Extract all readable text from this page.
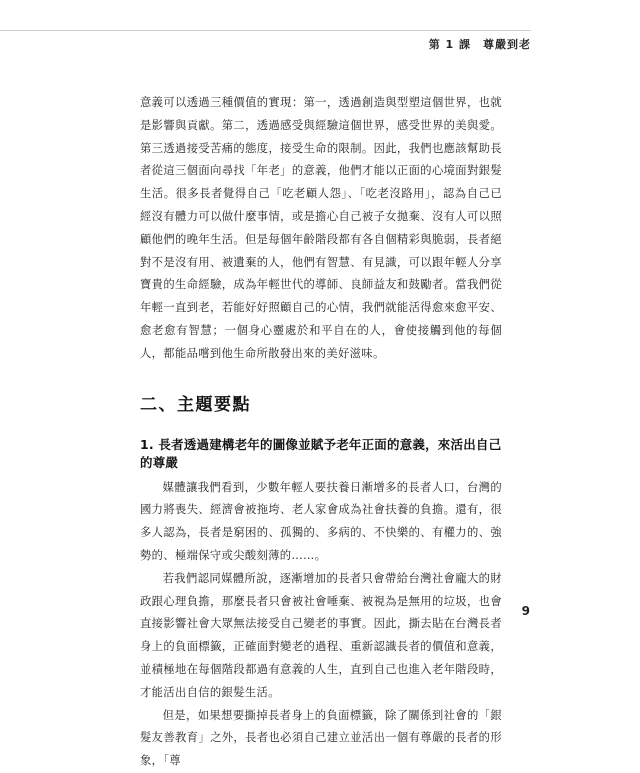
第 1 課　尊嚴到老

意義可以透過三種價值的實現：第一，透過創造與型塑這個世界，也就是影響與貢獻。第二，透過感受與經驗這個世界，感受世界的美與愛。第三透過接受苦痛的態度，接受生命的限制。因此，我們也應該幫助長者從這三個面向尋找「年老」的意義，他們才能以正面的心境面對銀髮生活。很多長者覺得自己「吃老顧人怨」、「吃老沒路用」，認為自己已經沒有體力可以做什麼事情，或是擔心自己被子女拋棄、沒有人可以照顧他們的晚年生活。但是每個年齡階段都有各自個精彩與脆弱，長者絕對不是沒有用、被遺棄的人，他們有智慧、有見識，可以跟年輕人分享寶貴的生命經驗，成為年輕世代的導師、良師益友和鼓勵者。當我們從年輕一直到老，若能好好照顧自己的心情，我們就能活得愈來愈平安、愈老愈有智慧；一個身心靈處於和平自在的人，會使接觸到他的每個人，都能品嚐到他生命所散發出來的美好滋味。

二、主題要點
1. 長者透過建構老年的圖像並賦予老年正面的意義，來活出自己的尊嚴

媒體讓我們看到，少數年輕人要扶養日漸增多的長者人口，台灣的國力將喪失、經濟會被拖垮、老人家會成為社會扶養的負擔。還有，很多人認為，長者是窮困的、孤獨的、多病的、不快樂的、有權力的、強勢的、極端保守或尖酸刻薄的……。

若我們認同媒體所說，逐漸增加的長者只會帶給台灣社會龐大的財政跟心理負擔，那麼長者只會被社會唾棄、被視為是無用的垃圾，也會直接影響社會大眾無法接受自己變老的事實。因此，撕去貼在台灣長者身上的負面標籤，正確面對變老的過程、重新認識長者的價值和意義，並積極地在每個階段都過有意義的人生，直到自己也進入老年階段時，才能活出自信的銀髮生活。

但是，如果想要撕掉長者身上的負面標籤，除了關係到社會的「銀髮友善教育」之外，長者也必須自己建立並活出一個有尊嚴的長者的形象，「尊

9
